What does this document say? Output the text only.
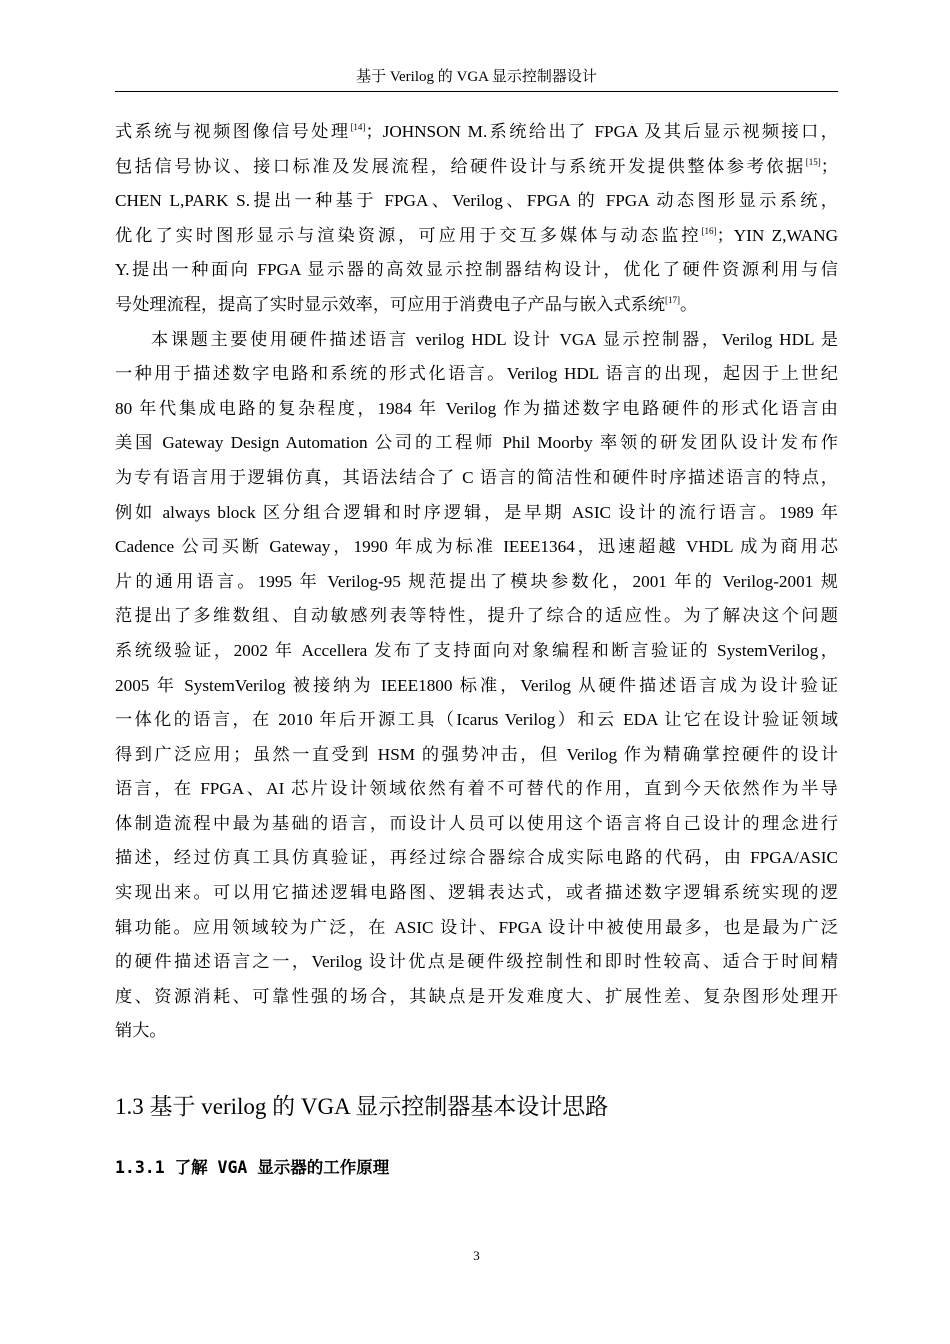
基于 Verilog 的 VGA 显示控制器设计
式系统与视频图像信号处理[14]；JOHNSON M.系统给出了 FPGA 及其后显示视频接口，
包括信号协议、接口标准及发展流程，给硬件设计与系统开发提供整体参考依据[15]；
CHEN L,PARK S.提出一种基于 FPGA、Verilog、FPGA 的 FPGA 动态图形显示系统，
优化了实时图形显示与渲染资源，可应用于交互多媒体与动态监控[16]；YIN Z,WANG
Y.提出一种面向 FPGA 显示器的高效显示控制器结构设计，优化了硬件资源利用与信
号处理流程，提高了实时显示效率，可应用于消费电子产品与嵌入式系统[17]。
本课题主要使用硬件描述语言 verilog HDL 设计 VGA 显示控制器，Verilog HDL 是
一种用于描述数字电路和系统的形式化语言。Verilog HDL 语言的出现，起因于上世纪
80 年代集成电路的复杂程度，1984 年 Verilog 作为描述数字电路硬件的形式化语言由
美国 Gateway Design Automation 公司的工程师 Phil Moorby 率领的研发团队设计发布作
为专有语言用于逻辑仿真，其语法结合了 C 语言的简洁性和硬件时序描述语言的特点，
例如 always block 区分组合逻辑和时序逻辑，是早期 ASIC 设计的流行语言。1989 年
Cadence 公司买断 Gateway，1990 年成为标准 IEEE1364，迅速超越 VHDL 成为商用芯
片的通用语言。1995 年 Verilog-95 规范提出了模块参数化，2001 年的 Verilog-2001 规
范提出了多维数组、自动敏感列表等特性，提升了综合的适应性。为了解决这个问题
系统级验证，2002 年 Accellera 发布了支持面向对象编程和断言验证的 SystemVerilog，
2005 年 SystemVerilog 被接纳为 IEEE1800 标准，Verilog 从硬件描述语言成为设计验证
一体化的语言，在 2010 年后开源工具（Icarus Verilog）和云 EDA 让它在设计验证领域
得到广泛应用；虽然一直受到 HSM 的强势冲击，但 Verilog 作为精确掌控硬件的设计
语言，在 FPGA、AI 芯片设计领域依然有着不可替代的作用，直到今天依然作为半导
体制造流程中最为基础的语言，而设计人员可以使用这个语言将自己设计的理念进行
描述，经过仿真工具仿真验证，再经过综合器综合成实际电路的代码，由 FPGA/ASIC
实现出来。可以用它描述逻辑电路图、逻辑表达式，或者描述数字逻辑系统实现的逻
辑功能。应用领域较为广泛，在 ASIC 设计、FPGA 设计中被使用最多，也是最为广泛
的硬件描述语言之一，Verilog 设计优点是硬件级控制性和即时性较高、适合于时间精
度、资源消耗、可靠性强的场合，其缺点是开发难度大、扩展性差、复杂图形处理开
销大。
1.3 基于 verilog 的 VGA 显示控制器基本设计思路
1.3.1 了解 VGA 显示器的工作原理
3
